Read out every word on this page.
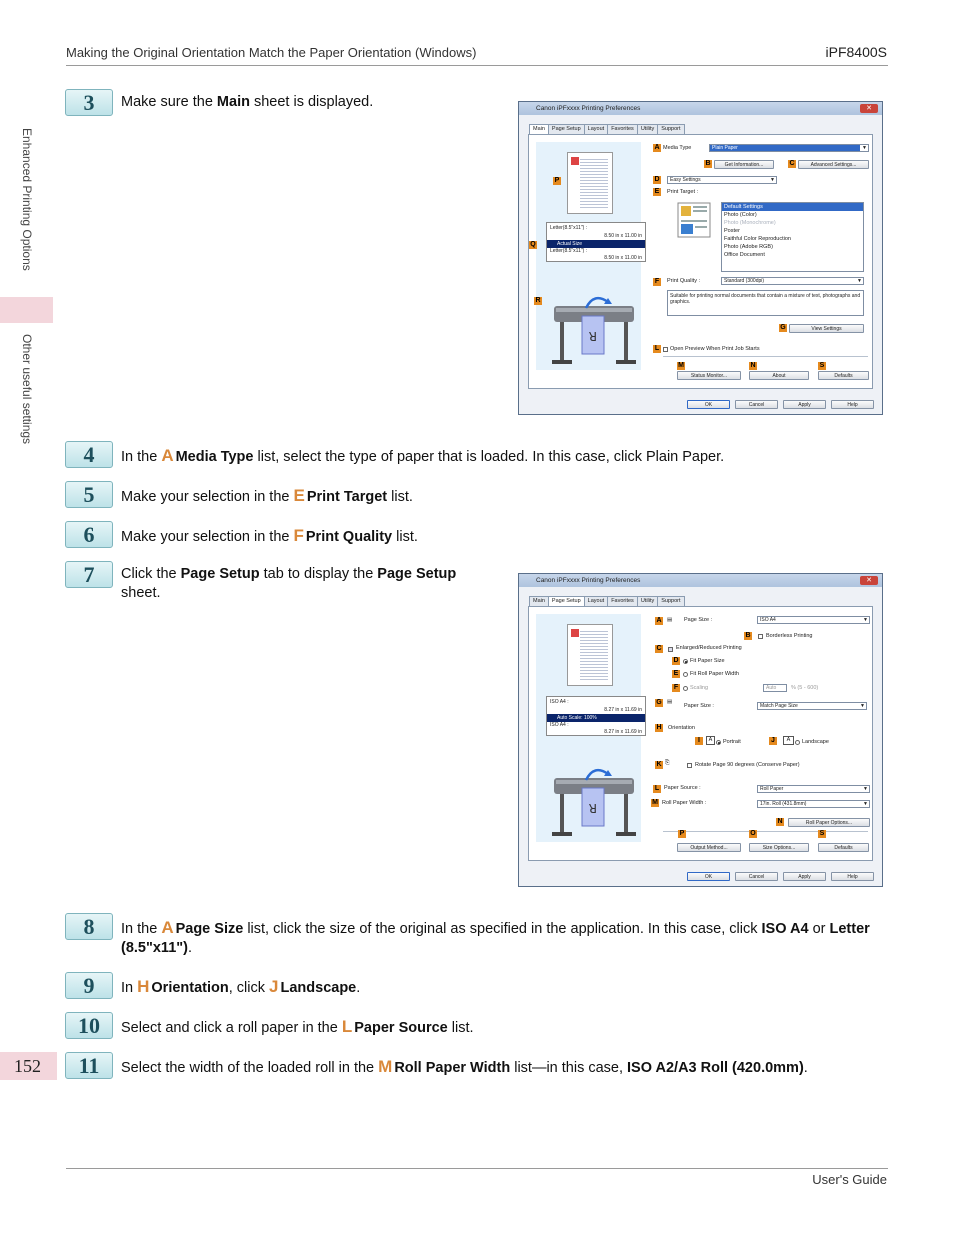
Making the Original Orientation Match the Paper Orientation (Windows)	iPF8400S
Enhanced Printing Options
Other useful settings
152
User's Guide
3	Make sure the Main sheet is displayed.	Canon iPFxxxx Printing Preferences	✕
Main Page Setup Layout Favorites Utility Support
Letter(8.5"x11") :
8.50 in x 11.00 in
Actual Size
Letter(8.5"x11") :
8.50 in x 11.00 in
R
P
Q
R
A Media Type	Plain Paper	▼
B	Get Information...	C	Advanced Settings...
D	Easy Settings	▼
E	Print Target :
Default Settings
Photo (Color)
Photo (Monochrome)
Poster
Faithful Color Reproduction
Photo (Adobe RGB)
Office Document
F	Print Quality :	Standard (300dpi)	▼
Suitable for printing normal documents that contain a mixture of text, photographs and graphics.
G	View Settings
L	Open Preview When Print Job Starts
M	N	S
Status Monitor...	About	Defaults
OK	Cancel	Apply	Help
4	In the A Media Type list, select the type of paper that is loaded. In this case, click Plain Paper.
5	Make your selection in the E Print Target list.
6	Make your selection in the F Print Quality list.
7	Click the Page Setup tab to display the Page Setup sheet.
Canon iPFxxxx Printing Preferences	✕
Main Page Setup Layout Favorites Utility Support
ISO A4 :
8.27 in x 11.69 in
Auto Scale: 100%
ISO A4 :
8.27 in x 11.69 in
R
A ▤ Page Size :	ISO A4	▼
B	Borderless Printing
C	Enlarged/Reduced Printing
D Fit Paper Size
E	Fit Roll Paper Width
F	Scaling	Auto	% (5 - 600)
G ▤
Paper Size :	Match Page Size	▼
H Orientation
I	A	Portrait	J	A	Landscape
K ⎘	Rotate Page 90 degrees (Conserve Paper)
L Paper Source :	Roll Paper	▼
M Roll Paper Width :	17in. Roll (431.8mm)	▼
N	Roll Paper Options...
P	O	S
Output Method...	Size Options...	Defaults
OK	Cancel	Apply	Help
8	In the A Page Size list, click the size of the original as specified in the application. In this case, click ISO A4 or Letter (8.5"x11").
9	In H Orientation, click J Landscape.
10	Select and click a roll paper in the L Paper Source list.
11	Select the width of the loaded roll in the M Roll Paper Width list—in this case, ISO A2/A3 Roll (420.0mm).
